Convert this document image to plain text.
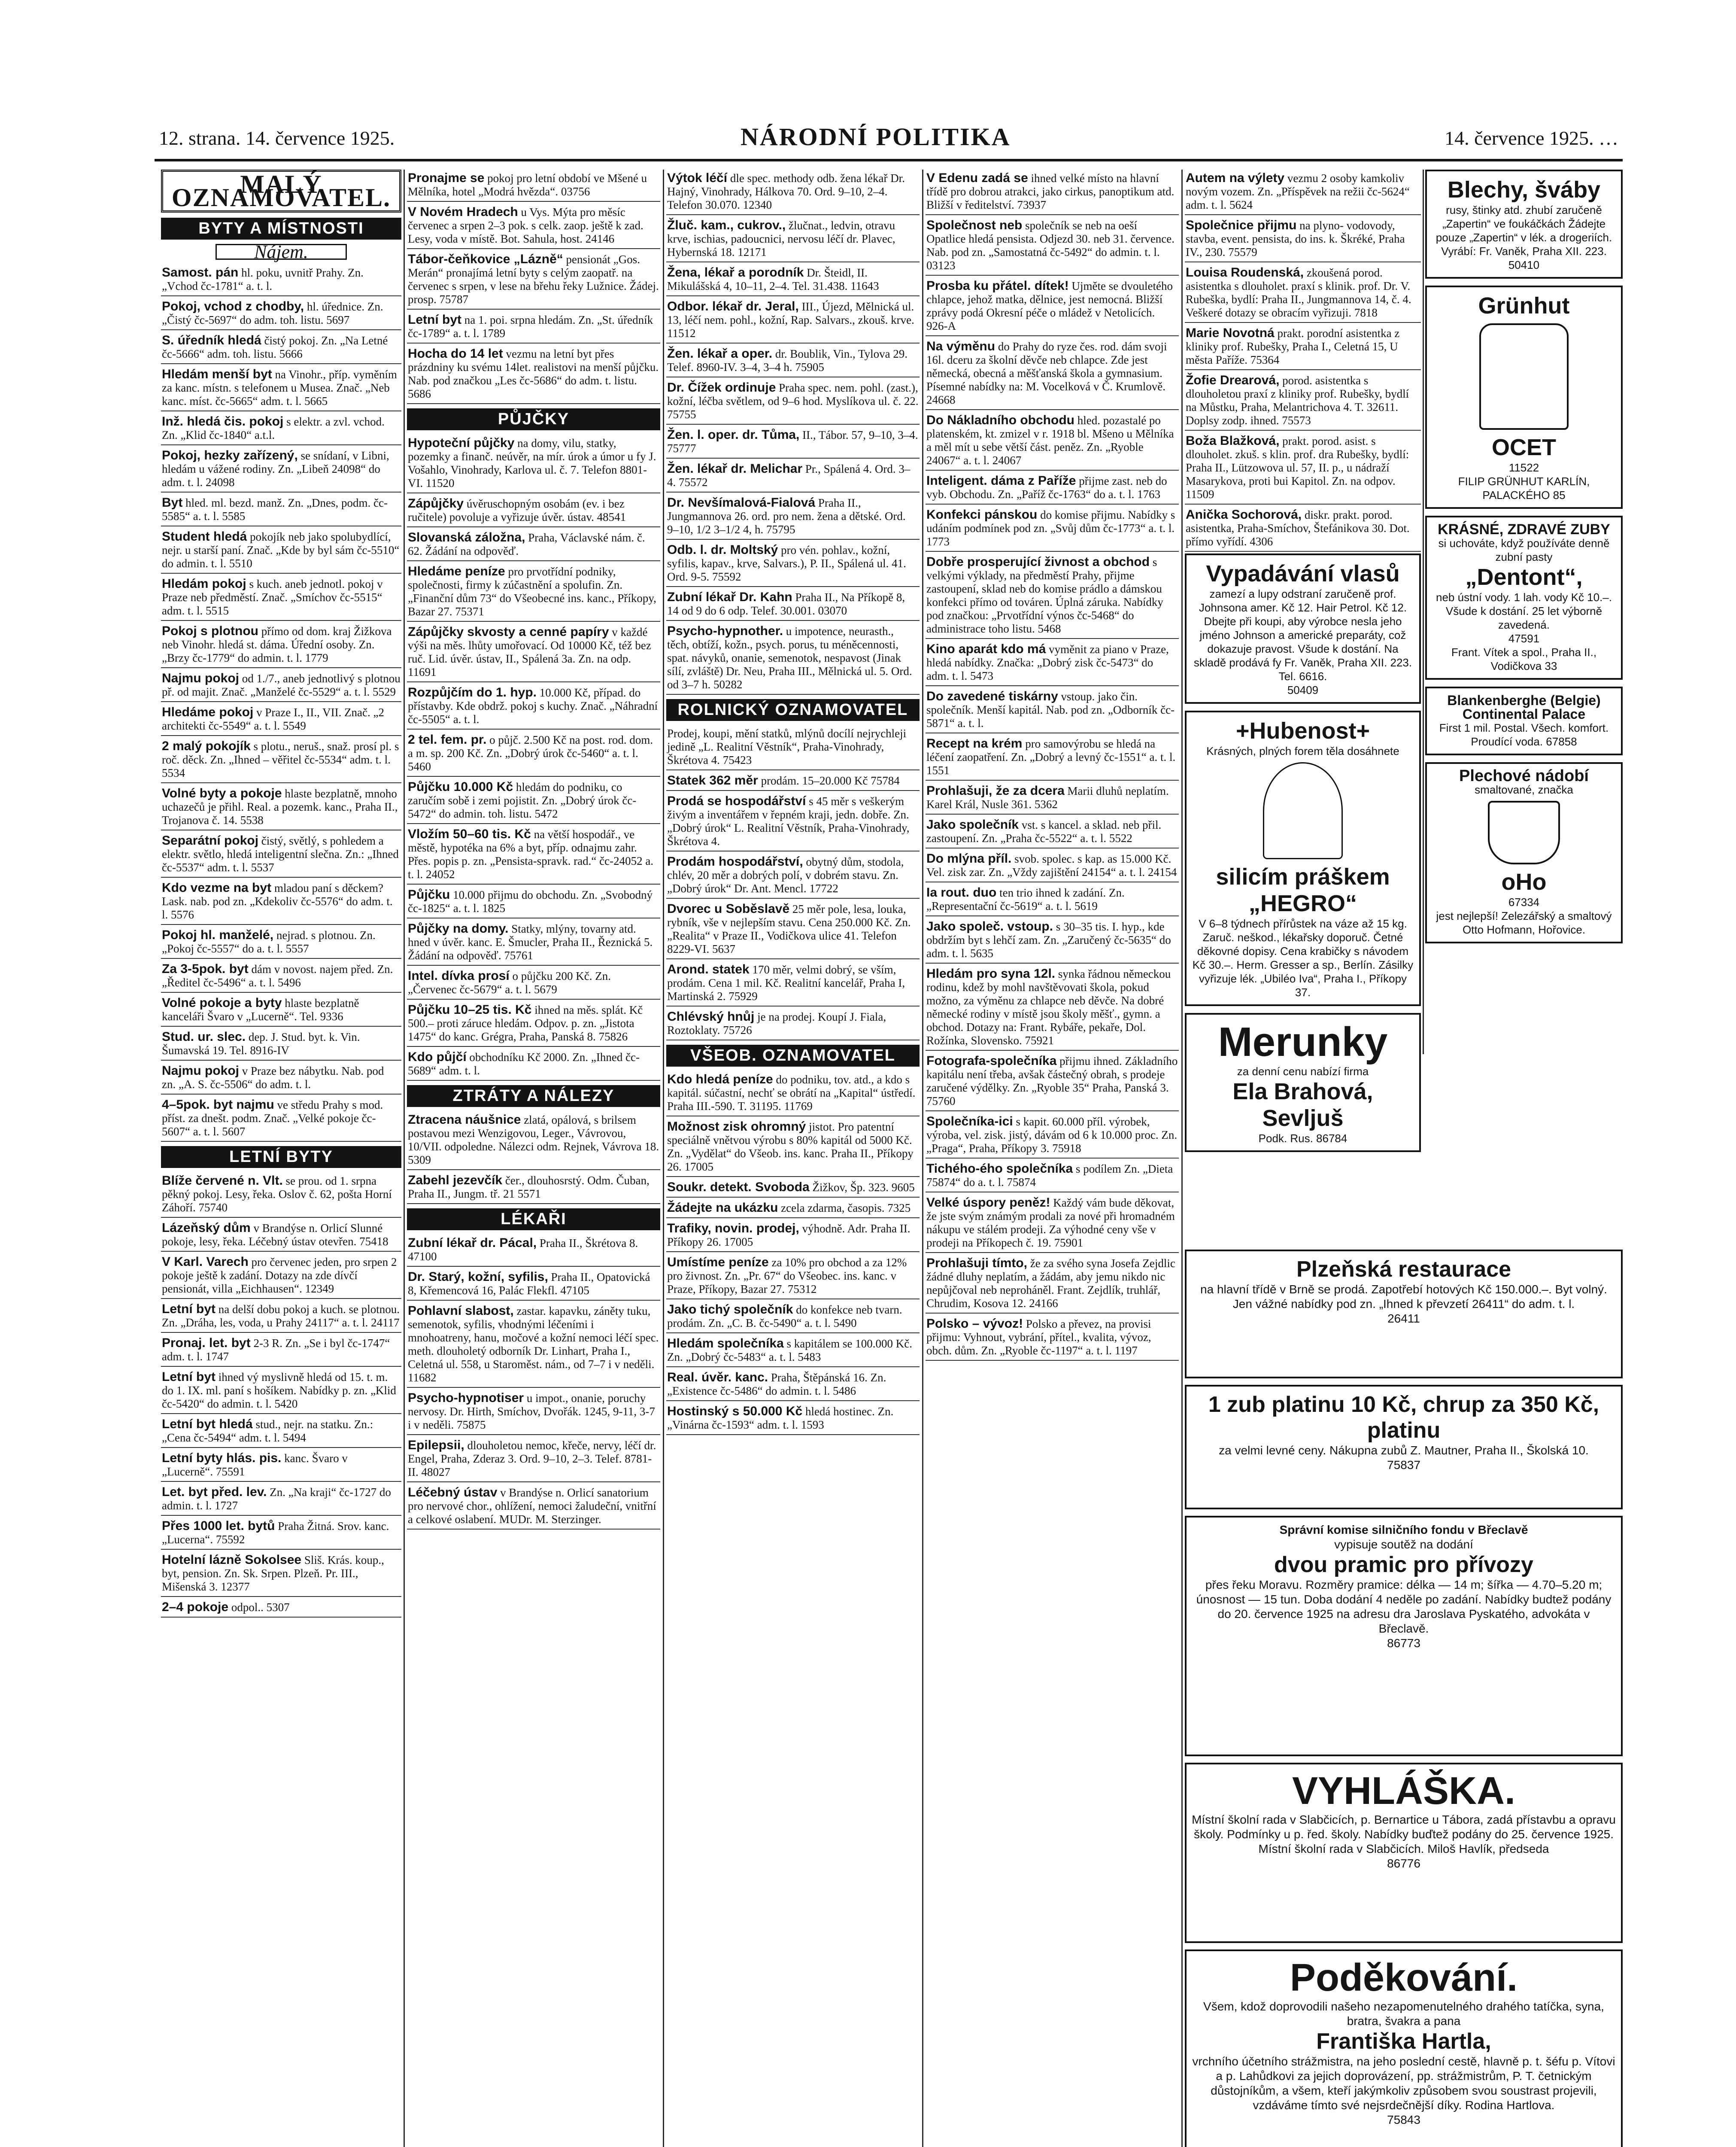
12. strana. 14. července 1925.	NÁRODNÍ POLITIKA	14. července 1925. …
MALÝ OZNAMOVATEL.
BYTY A MÍSTNOSTI
Nájem.
Samost. pán hl. poku, uvnitř Prahy. Zn. „Vchod čc-1781“ a. t. l.
Pokoj, vchod z chodby, hl. úřednice. Zn. „Čistý čc-5697“ do adm. toh. listu. 5697
S. úředník hledá čistý pokoj. Zn. „Na Letné čc-5666“ adm. toh. listu. 5666
Hledám menší byt na Vinohr., příp. vyměním za kanc. místn. s telefonem u Musea. Znač. „Neb kanc. míst. čc-5665“ adm. t. l. 5665
Inž. hledá čis. pokoj s elektr. a zvl. vchod. Zn. „Klid čc-1840“ a.t.l.
Pokoj, hezky zařízený, se snídaní, v Libni, hledám u vážené rodiny. Zn. „Libeň 24098“ do adm. t. l. 24098
Byt hled. ml. bezd. manž. Zn. „Dnes, podm. čc-5585“ a. t. l. 5585
Student hledá pokojík neb jako spolubydlící, nejr. u starší paní. Znač. „Kde by byl sám čc-5510“ do admin. t. l. 5510
Hledám pokoj s kuch. aneb jednotl. pokoj v Praze neb předměstí. Znač. „Smíchov čc-5515“ adm. t. l. 5515
Pokoj s plotnou přímo od dom. kraj Žižkova neb Vinohr. hledá st. dáma. Úřední osoby. Zn. „Brzy čc-1779“ do admin. t. l. 1779
Najmu pokoj od 1./7., aneb jednotlivý s plotnou př. od majit. Znač. „Manželé čc-5529“ a. t. l. 5529
Hledáme pokoj v Praze I., II., VII. Znač. „2 architekti čc-5549“ a. t. l. 5549
2 malý pokojík s plotu., neruš., snaž. prosí pl. s roč. děck. Zn. „Ihned – věřitel čc-5534“ adm. t. l. 5534
Volné byty a pokoje hlaste bezplatně, mnoho uchazečů je přihl. Real. a pozemk. kanc., Praha II., Trojanova č. 14. 5538
Separátní pokoj čistý, světlý, s pohledem a elektr. světlo, hledá inteligentní slečna. Zn.: „Ihned čc-5537“ adm. t. l. 5537
Kdo vezme na byt mladou paní s děckem? Lask. nab. pod zn. „Kdekoliv čc-5576“ do adm. t. l. 5576
Pokoj hl. manželé, nejrad. s plotnou. Zn. „Pokoj čc-5557“ do a. t. l. 5557
Za 3-5pok. byt dám v novost. najem před. Zn. „Ředitel čc-5496“ a. t. l. 5496
Volné pokoje a byty hlaste bezplatně kanceláři Švaro v „Lucerně“. Tel. 9336
Stud. ur. slec. dep. J. Stud. byt. k. Vin. Šumavská 19. Tel. 8916-IV
Najmu pokoj v Praze bez nábytku. Nab. pod zn. „A. S. čc-5506“ do adm. t. l.
4–5pok. byt najmu ve středu Prahy s mod. příst. za dnešt. podm. Znač. „Velké pokoje čc-5607“ a. t. l. 5607
LETNÍ BYTY
Blíže červené n. Vlt. se prou. od 1. srpna pěkný pokoj. Lesy, řeka. Oslov č. 62, pošta Horní Záhoří. 75740
Lázeňský dům v Brandýse n. Orlicí Slunné pokoje, lesy, řeka. Léčebný ústav otevřen. 75418
V Karl. Varech pro červenec jeden, pro srpen 2 pokoje ještě k zadání. Dotazy na zde dívčí pensionát, villa „Eichhausen“. 12349
Letní byt na delší dobu pokoj a kuch. se plotnou. Zn. „Dráha, les, voda, u Prahy 24117“ a. t. l. 24117
Pronaj. let. byt 2-3 R. Zn. „Se i byl čc-1747“ adm. t. l. 1747
Letní byt ihned vý myslivně hledá od 15. t. m. do 1. IX. ml. paní s hošíkem. Nabídky p. zn. „Klid čc-5420“ do admin. t. l. 5420
Letní byt hledá stud., nejr. na statku. Zn.: „Cena čc-5494“ adm. t. l. 5494
Letní byty hlás. pis. kanc. Švaro v „Lucerně“. 75591
Let. byt před. lev. Zn. „Na kraji“ čc-1727 do admin. t. l. 1727
Přes 1000 let. bytů Praha Žitná. Srov. kanc. „Lucerna“. 75592
Hotelní lázně Sokolsee Sliš. Krás. koup., byt, pension. Zn. Sk. Srpen. Plzeň. Pr. III., Mišenská 3. 12377
2–4 pokoje odpol.. 5307
Pronajme se pokoj pro letní období ve Mšené u Mělníka, hotel „Modrá hvězda“. 03756
V Novém Hradech u Vys. Mýta pro měsíc červenec a srpen 2–3 pok. s celk. zaop. ještě k zad. Lesy, voda v místě. Bot. Sahula, host. 24146
Tábor-čeňkovice „Lázně“ pensionát „Gos. Merán“ pronajímá letní byty s celým zaopatř. na červenec s srpen, v lese na břehu řeky Lužnice. Žádej. prosp. 75787
Letní byt na 1. poi. srpna hledám. Zn. „St. úředník čc-1789“ a. t. l. 1789
Hocha do 14 let vezmu na letní byt přes prázdniny ku svému 14let. realistovi na menší půjčku. Nab. pod značkou „Les čc-5686“ do adm. t. listu. 5686
PŮJČKY
Hypoteční půjčky na domy, vilu, statky, pozemky a finanč. neúvěr, na mír. úrok a úmor u fy J. Vošahlo, Vinohrady, Karlova ul. č. 7. Telefon 8801-VI. 11520
Zápůjčky úvěruschopným osobám (ev. i bez ručitele) povoluje a vyřizuje úvěr. ústav. 48541
Slovanská záložna, Praha, Václavské nám. č. 62. Žádání na odpověď.
Hledáme peníze pro prvotřídní podniky, společnosti, firmy k zúčastnění a spolufin. Zn. „Finanční dům 73“ do Všeobecné ins. kanc., Příkopy, Bazar 27. 75371
Zápůjčky skvosty a cenné papíry v každé výši na měs. lhůty umořovací. Od 10000 Kč, též bez ruč. Lid. úvěr. ústav, II., Spálená 3a. Zn. na odp. 11691
Rozpůjčím do 1. hyp. 10.000 Kč, případ. do přístavby. Kde obdrž. pokoj s kuchy. Znač. „Náhradní čc-5505“ a. t. l.
2 tel. fem. pr. o půjč. 2.500 Kč na post. rod. dom. a m. sp. 200 Kč. Zn. „Dobrý úrok čc-5460“ a. t. l. 5460
Půjčku 10.000 Kč hledám do podniku, co zaručím sobě i zemi pojistit. Zn. „Dobrý úrok čc-5472“ do admin. toh. listu. 5472
Vložím 50–60 tis. Kč na větší hospodář., ve městě, hypotéka na 6% a byt, příp. odnajmu zahr. Přes. popis p. zn. „Pensista-spravk. rad.“ čc-24052 a. t. l. 24052
Půjčku 10.000 přijmu do obchodu. Zn. „Svobodný čc-1825“ a. t. l. 1825
Půjčky na domy. Statky, mlýny, tovarny atd. hned v úvěr. kanc. E. Šmucler, Praha II., Řeznická 5. Žádání na odpověď. 75761
Intel. dívka prosí o půjčku 200 Kč. Zn. „Červenec čc-5679“ a. t. l. 5679
Půjčku 10–25 tis. Kč ihned na měs. splát. Kč 500.– proti záruce hledám. Odpov. p. zn. „Jistota 1475“ do kanc. Grégra, Praha, Panská 8. 75826
Kdo půjčí obchodníku Kč 2000. Zn. „Ihned čc-5689“ adm. t. l.
ZTRÁTY A NÁLEZY
Ztracena náušnice zlatá, opálová, s brilsem postavou mezi Wenzigovou, Leger., Vávrovou, 10/VII. odpoledne. Nálezci odm. Rejnek, Vávrova 18. 5309
Zabehl jezevčík čer., dlouhosrstý. Odm. Čuban, Praha II., Jungm. tř. 21 5571
LÉKAŘI
Zubní lékař dr. Pácal, Praha II., Škrétova 8. 47100
Dr. Starý, kožní, syfilis, Praha II., Opatovická 8, Křemencová 16, Palác Flekfl. 47105
Pohlavní slabost, zastar. kapavku, záněty tuku, semenotok, syfilis, vhodnými léčeními i mnohoatreny, hanu, močové a kožní nemoci léčí spec. meth. dlouholetý odborník Dr. Linhart, Praha I., Celetná ul. 558, u Staroměst. nám., od 7–7 i v neděli. 11682
Psycho-hypnotiser u impot., onanie, poruchy nervosy. Dr. Hirth, Smíchov, Dvořák. 1245, 9-11, 3-7 i v neděli. 75875
Epilepsii, dlouholetou nemoc, křeče, nervy, léčí dr. Engel, Praha, Zderaz 3. Ord. 9–10, 2–3. Telef. 8781-II. 48027
Léčebný ústav v Brandýse n. Orlicí sanatorium pro nervové chor., ohlížení, nemoci žaludeční, vnitřní a celkové oslabení. MUDr. M. Sterzinger.
Výtok léčí dle spec. methody odb. žena lékař Dr. Hajný, Vinohrady, Hálkova 70. Ord. 9–10, 2–4. Telefon 30.070. 12340
Žluč. kam., cukrov., žlučnat., ledvin, otravu krve, ischias, padoucnici, nervosu léčí dr. Plavec, Hybernská 18. 12171
Žena, lékař a porodník Dr. Šteidl, II. Mikulášská 4, 10–11, 2–4. Tel. 31.438. 11643
Odbor. lékař dr. Jeral, III., Újezd, Mělnická ul. 13, léčí nem. pohl., kožní, Rap. Salvars., zkouš. krve. 11512
Žen. lékař a oper. dr. Boublik, Vin., Tylova 29. Telef. 8960-IV. 3–4, 3–4 h. 75905
Dr. Čížek ordinuje Praha spec. nem. pohl. (zast.), kožní, léčba světlem, od 9–6 hod. Myslíkova ul. č. 22. 75755
Žen. l. oper. dr. Tůma, II., Tábor. 57, 9–10, 3–4. 75777
Žen. lékař dr. Melichar Pr., Spálená 4. Ord. 3–4. 75572
Dr. Nevšímalová-Fialová Praha II., Jungmannova 26. ord. pro nem. žena a dětské. Ord. 9–10, 1/2 3–1/2 4, h. 75795
Odb. l. dr. Moltský pro vén. pohlav., kožní, syfilis, kapav., krve, Salvars.), P. II., Spálená ul. 41. Ord. 9-5. 75592
Zubní lékař Dr. Kahn Praha II., Na Příkopě 8, 14 od 9 do 6 odp. Telef. 30.001. 03070
Psycho-hypnother. u impotence, neurasth., těch, obtíží, kožn., psych. porus, tu méněcennosti, spat. návyků, onanie, semenotok, nespavost (Jinak sílí, zvláště) Dr. Neu, Praha III., Mělnická ul. 5. Ord. od 3–7 h. 50282
ROLNICKÝ OZNAMOVATEL
Prodej, koupi, mění statků, mlýnů docílí nejrychleji jedině „L. Realitní Věstník“, Praha-Vinohrady, Škrétova 4. 75423
Statek 362 měr prodám. 15–20.000 Kč 75784
Prodá se hospodářství s 45 měr s veškerým živým a inventářem v řepném kraji, jedn. dobře. Zn. „Dobrý úrok“ L. Realitní Věstník, Praha-Vinohrady, Škrétova 4.
Prodám hospodářství, obytný dům, stodola, chlév, 20 měr a dobrých polí, v dobrém stavu. Zn. „Dobrý úrok“ Dr. Ant. Mencl. 17722
Dvorec u Soběslavě 25 měr pole, lesa, louka, rybník, vše v nejlepším stavu. Cena 250.000 Kč. Zn. „Realita“ v Praze II., Vodičkova ulice 41. Telefon 8229-VI. 5637
Arond. statek 170 měr, velmi dobrý, se vším, prodám. Cena 1 mil. Kč. Realitní kancelář, Praha I, Martinská 2. 75929
Chlévský hnůj je na prodej. Koupí J. Fiala, Roztoklaty. 75726
VŠEOB. OZNAMOVATEL
Kdo hledá peníze do podniku, tov. atd., a kdo s kapitál. súčastní, nechť se obrátí na „Kapital“ ústředí. Praha III.-590. T. 31195. 11769
Možnost zisk ohromný jistot. Pro patentní speciálně vnětvou výrobu s 80% kapitál od 5000 Kč. Zn. „Vydělat“ do Všeob. ins. kanc. Praha II., Příkopy 26. 17005
Soukr. detekt. Svoboda Žižkov, Šp. 323. 9605
Žádejte na ukázku zcela zdarma, časopis. 7325
Trafiky, novin. prodej, výhodně. Adr. Praha II. Příkopy 26. 17005
Umístíme peníze za 10% pro obchod a za 12% pro živnost. Zn. „Pr. 67“ do Všeobec. ins. kanc. v Praze, Příkopy, Bazar 27. 75312
Jako tichý společník do konfekce neb tvarn. prodám. Zn. „C. B. čc-5490“ a. t. l. 5490
Hledám společníka s kapitálem se 100.000 Kč. Zn. „Dobrý čc-5483“ a. t. l. 5483
Real. úvěr. kanc. Praha, Štěpánská 16. Zn. „Existence čc-5486“ do admin. t. l. 5486
Hostinský s 50.000 Kč hledá hostinec. Zn. „Vinárna čc-1593“ adm. t. l. 1593
V Edenu zadá se ihned velké místo na hlavní třídě pro dobrou atrakci, jako cirkus, panoptikum atd. Bližší v ředitelství. 73937
Společnost neb společník se neb na oeší Opatlice hledá pensista. Odjezd 30. neb 31. července. Nab. pod zn. „Samostatná čc-5492“ do admin. t. l. 03123
Prosba ku přátel. dítek! Ujměte se dvouletého chlapce, jehož matka, dělnice, jest nemocná. Bližší zprávy podá Okresní péče o mládež v Netolicích. 926-A
Na výměnu do Prahy do ryze čes. rod. dám svoji 16l. dceru za školní děvče neb chlapce. Zde jest německá, obecná a měšťanská škola a gymnasium. Písemné nabídky na: M. Vocelková v Č. Krumlově. 24668
Do Nákladního obchodu hled. pozastalé po platenském, kt. zmizel v r. 1918 bl. Mšeno u Mělníka a měl mít u sebe větší část. peněz. Zn. „Ryoble 24067“ a. t. l. 24067
Inteligent. dáma z Paříže přijme zast. neb do vyb. Obchodu. Zn. „Paříž čc-1763“ do a. t. l. 1763
Konfekci pánskou do komise přijmu. Nabídky s udáním podmínek pod zn. „Svůj dům čc-1773“ a. t. l. 1773
Dobře prosperující živnost a obchod s velkými výklady, na předměstí Prahy, přijme zastoupení, sklad neb do komise prádlo a dámskou konfekci přímo od továren. Úplná záruka. Nabídky pod značkou: „Prvotřídní výnos čc-5468“ do administrace toho listu. 5468
Kino aparát kdo má vyměnit za piano v Praze, hledá nabídky. Značka: „Dobrý zisk čc-5473“ do adm. t. l. 5473
Do zavedené tiskárny vstoup. jako čin. společník. Menší kapitál. Nab. pod zn. „Odborník čc-5871“ a. t. l.
Recept na krém pro samovýrobu se hledá na léčení zaopatření. Zn. „Dobrý a levný čc-1551“ a. t. l. 1551
Prohlašuji, že za dcera Marii dluhů neplatím. Karel Král, Nusle 361. 5362
Jako společník vst. s kancel. a sklad. neb přil. zastoupení. Zn. „Praha čc-5522“ a. t. l. 5522
Do mlýna příl. svob. spolec. s kap. as 15.000 Kč. Vel. zisk zar. Zn. „Vždy zajištění 24154“ a. t. l. 24154
Ia rout. duo ten trio ihned k zadání. Zn. „Representační čc-5619“ a. t. l. 5619
Jako společ. vstoup. s 30–35 tis. I. hyp., kde obdržím byt s lehčí zam. Zn. „Zaručený čc-5635“ do adm. t. l. 5635
Hledám pro syna 12l. synka řádnou německou rodinu, kdež by mohl navštěvovati škola, pokud možno, za výměnu za chlapce neb děvče. Na dobré německé rodiny v místě jsou školy měšť., gymn. a obchod. Dotazy na: Frant. Rybáře, pekaře, Dol. Rožínka, Slovensko. 75921
Fotografa-společníka přijmu ihned. Základního kapitálu není třeba, avšak částečný obrah, s prodeje zaručené výdělky. Zn. „Ryoble 35“ Praha, Panská 3. 75760
Společníka-ici s kapit. 60.000 příl. výrobek, výroba, vel. zisk. jistý, dávám od 6 k 10.000 proc. Zn. „Praga“, Praha, Příkopy 3. 75918
Tichého-ého společníka s podílem Zn. „Dieta 75874“ do a. t. l. 75874
Velké úspory peněz! Každý vám bude děkovat, že jste svým známým prodali za nové při hromadném nákupu ve stálém prodeji. Za výhodné ceny vše v prodeji na Příkopech č. 19. 75901
Prohlašuji tímto, že za svého syna Josefa Zejdlic žádné dluhy neplatím, a žádám, aby jemu nikdo nic nepůjčoval neb neproháněl. Frant. Zejdlík, truhlář, Chrudim, Kosova 12. 24166
Polsko – vývoz! Polsko a převez, na provisi přijmu: Vyhnout, vybrání, přítel., kvalita, vývoz, obch. dům. Zn. „Ryoble čc-1197“ a. t. l. 1197
Autem na výlety vezmu 2 osoby kamkoliv novým vozem. Zn. „Příspěvek na režii čc-5624“ adm. t. l. 5624
Společnice přijmu na plyno- vodovody, stavba, event. pensista, do ins. k. Škréké, Praha IV., 230. 75579
Louisa Roudenská, zkoušená porod. asistentka s dlouholet. praxí s klinik. prof. Dr. V. Rubeška, bydlí: Praha II., Jungmannova 14, č. 4. Veškeré dotazy se obracím vyřizuji. 7818
Marie Novotná prakt. porodní asistentka z kliniky prof. Rubešky, Praha I., Celetná 15, U města Paříže. 75364
Žofie Drearová, porod. asistentka s dlouholetou praxí z kliniky prof. Rubešky, bydlí na Můstku, Praha, Melantrichova 4. T. 32611. Doplsy zodp. ihned. 75573
Boža Blažková, prakt. porod. asist. s dlouholet. zkuš. s klin. prof. dra Rubešky, bydlí: Praha II., Lützowova ul. 57, II. p., u nádraží Masarykova, proti bui Kapitol. Zn. na odpov. 11509
Anička Sochorová, diskr. prakt. porod. asistentka, Praha-Smíchov, Štefánikova 30. Dot. přímo vyřídí. 4306
Vypadávání vlasů
zamezí a lupy odstraní zaručeně prof. Johnsona amer. Kč 12. Hair Petrol. Kč 12. Dbejte při koupi, aby výrobce nesla jeho jméno Johnson a americké preparáty, což dokazuje pravost. Všude k dostání. Na skladě prodává fy Fr. Vaněk, Praha XII. 223. Tel. 6616.
50409
+Hubenost+
Krásných, plných forem těla dosáhnete
silicím práškem „HEGRO“
V 6–8 týdnech přírůstek na váze až 15 kg. Zaruč. neškod., lékařsky doporuč. Četné děkovné dopisy. Cena krabičky s návodem Kč 30.–. Herm. Gresser a sp., Berlín. Zásilky vyřizuje lék. „Ubiléo Iva“, Praha I., Příkopy 37.
Merunky
za denní cenu nabízí firma
Ela Brahová, Sevljuš
Podk. Rus. 86784
Blechy, šváby
rusy, štinky atd. zhubí zaručeně „Zapertin“ ve foukáčkách Žádejte pouze „Zapertin“ v lék. a drogeriích. Vyrábí: Fr. Vaněk, Praha XII. 223.
50410
Grünhut
OCET
11522
FILIP GRÜNHUT KARLÍN, PALACKÉHO 85
KRÁSNÉ, ZDRAVÉ ZUBY
si uchováte, když používáte denně zubní pasty
„Dentont“,
neb ústní vody. 1 lah. vody Kč 10.–. Všude k dostání. 25 let výborně zavedená.
47591
Frant. Vítek a spol., Praha II., Vodičkova 33
Blankenberghe (Belgie) Continental Palace
First 1 mil. Postal. Všech. komfort. Proudící voda. 67858
Plechové nádobí
smaltované, značka
oHo
67334
jest nejlepší! Zelezářský a smaltový Otto Hofmann, Hořovice.
Plzeňská restaurace
na hlavní třídě v Brně se prodá. Zapotřebí hotových Kč 150.000.–. Byt volný. Jen vážné nabídky pod zn. „Ihned k převzetí 26411“ do adm. t. l.
26411
1 zub platinu 10 Kč, chrup za 350 Kč, platinu
za velmi levné ceny. Nákupna zubů Z. Mautner, Praha II., Školská 10.
75837
Správní komise silničního fondu v Břeclavě
vypisuje soutěž na dodání
dvou pramic pro přívozy
přes řeku Moravu. Rozměry pramice: délka — 14 m; šířka — 4.70–5.20 m; únosnost — 15 tun. Doba dodání 4 neděle po zadání. Nabídky budtež podány do 20. července 1925 na adresu dra Jaroslava Pyskatého, advokáta v Břeclavě.
86773
VYHLÁŠKA.
Místní školní rada v Slabčicích, p. Bernartice u Tábora, zadá přístavbu a opravu školy. Podmínky u p. řed. školy. Nabídky buďtež podány do 25. července 1925. Místní školní rada v Slabčicích. Miloš Havlík, předseda
86776
Poděkování.
Všem, kdož doprovodili našeho nezapomenutelného drahého tatíčka, syna, bratra, švakra a pana
Františka Hartla,
vrchního účetního strážmistra, na jeho poslední cestě, hlavně p. t. šéfu p. Vítovi a p. Lahůdkovi za jejich doprovázení, pp. strážmistrům, P. T. četnickým důstojníkům, a všem, kteří jakýmkoliv způsobem svou soustrast projevili, vzdáváme tímto své nejsrdečnější díky. Rodina Hartlova.
75843
